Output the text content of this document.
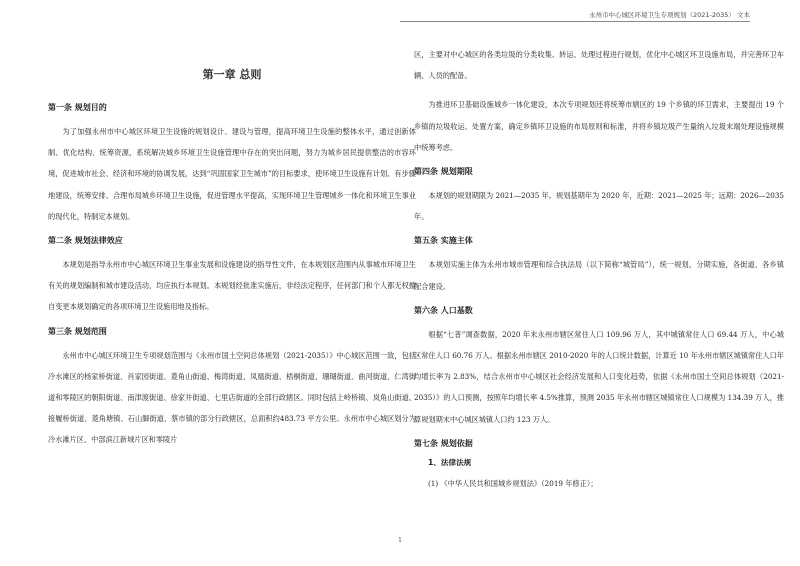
永州市中心城区环境卫生专项规划（2021-2035） 文本
第一章 总则
第一条 规划目的
为了加强永州市中心城区环境卫生设施的规划设计、建设与管理，提高环境卫生设施的整体水平，通过创新体制、优化结构、统筹资源，系统解决城乡环境卫生设施管理中存在的突出问题，努力为城乡居民提供整洁的市容环境，促进城市社会、经济和环境的协调发展，达到“巩固国家卫生城市”的目标要求，使环境卫生设施有计划、有步骤地建设，统筹安排、合理布局城乡环境卫生设施，促进管理水平提高，实现环境卫生管理城乡一体化和环境卫生事业的现代化，特制定本规划。
第二条 规划法律效应
本规划是指导永州市中心城区环境卫生事业发展和设施建设的指导性文件，在本规划区范围内从事城市环境卫生有关的规划编制和城市建设活动，均应执行本规划。本规划经批准实施后，非经法定程序，任何部门和个人都无权擅自变更本规划确定的各项环境卫生设施用地及指标。
第三条 规划范围
永州市中心城区环境卫生专项规划范围与《永州市国土空间总体规划（2021-2035）》中心城区范围一致，包括冷水滩区的杨家桥街道、肖家园街道、菱角山街道、梅湾街道、凤凰街道、梧桐街道、珊瑚街道、曲河街道、仁湾街道和零陵区的朝阳街道、南津渡街道、徐家井街道、七里店街道的全部行政辖区。同时包括上岭桥镇、岚角山街道、接履桥街道、菱角塘镇、石山脚街道、蔡市镇的部分行政辖区，总面积约483.73 平方公里。永州市中心城区划分为冷水滩片区、中部滨江新城片区和零陵片
区，主要对中心城区的各类垃圾的分类收集、转运、处理过程进行规划，优化中心城区环卫设施布局，并完善环卫车辆、人员的配备。
为推进环卫基础设施城乡一体化建设，本次专项规划还将统筹市辖区的 19 个乡镇的环卫需求，主要提出 19 个乡镇的垃圾收运、处置方案，确定乡镇环卫设施的布局原则和标准，并将乡镇垃圾产生量纳入垃圾末端处理设施规模中统筹考虑。
第四条 规划期限
本规划的规划期限为 2021—2035 年。规划基期年为 2020 年，近期：2021—2025 年；远期：2026—2035 年。
第五条 实施主体
本规划实施主体为永州市城市管理和综合执法局（以下简称“城管局”），统一规划，分期实施，各街道、各乡镇配合建设。
第六条 人口基数
根据“七普”调查数据，2020 年末永州市辖区常住人口 109.96 万人，其中城镇常住人口 69.44 万人，中心城区常住人口 60.76 万人。根据永州市辖区 2010-2020 年的人口统计数据，计算近 10 年永州市辖区城镇常住人口年均增长率为 2.83%，结合永州市中心城区社会经济发展和人口变化趋势，依据《永州市国土空间总体规划（2021-2035）》的人口预测，按照年均增长率 4.5%推算，预测 2035 年永州市辖区城镇常住人口规模为 134.39 万人，推算规划期末中心城区城镇人口约 123 万人。
第七条 规划依据
1、法律法规
(1) 《中华人民共和国城乡规划法》（2019 年修正）；
1
